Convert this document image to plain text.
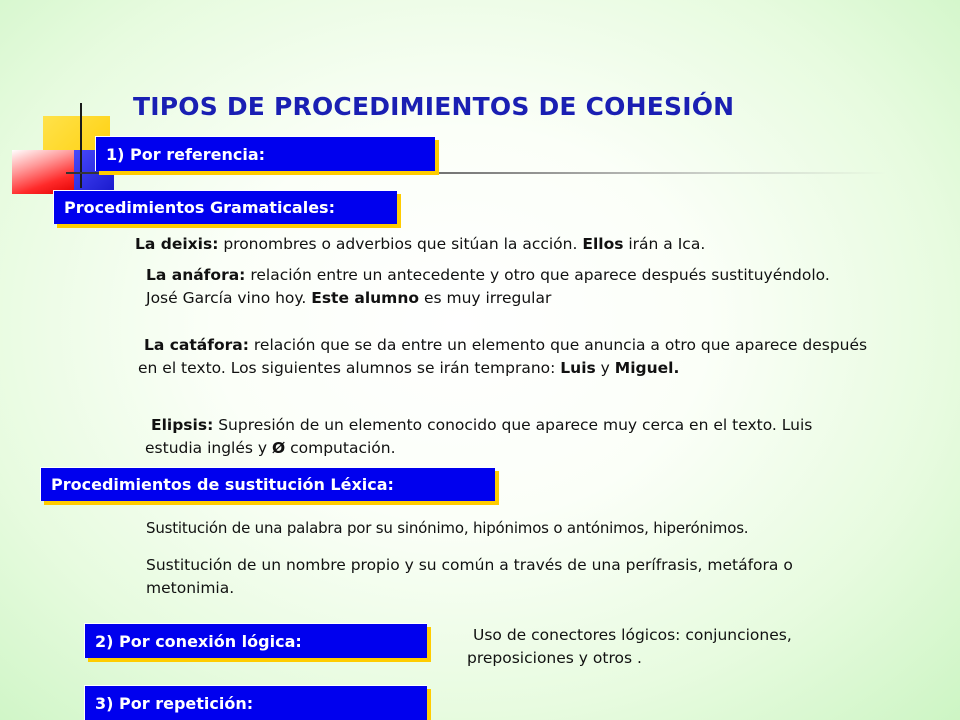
TIPOS DE PROCEDIMIENTOS DE COHESIÓN
1) Por referencia:
Procedimientos Gramaticales:

La deixis: pronombres o adverbios que sitúan la acción. Ellos irán a Ica.

La anáfora: relación entre un antecedente y otro que aparece después sustituyéndolo. José García vino hoy. Este alumno es muy irregular

La catáfora: relación que se da entre un elemento que anuncia a otro que aparece después en el texto. Los siguientes alumnos se irán temprano: Luis y Miguel.

Elipsis: Supresión de un elemento conocido que aparece muy cerca en el texto. Luis estudia inglés y Ø computación.

Procedimientos de sustitución Léxica:

Sustitución de una palabra por su sinónimo, hipónimos o antónimos, hiperónimos.

Sustitución de un nombre propio y su común a través de una perífrasis, metáfora o metonimia.

2) Por conexión lógica:	Uso de conectores lógicos: conjunciones, preposiciones y otros .

3) Por repetición:
